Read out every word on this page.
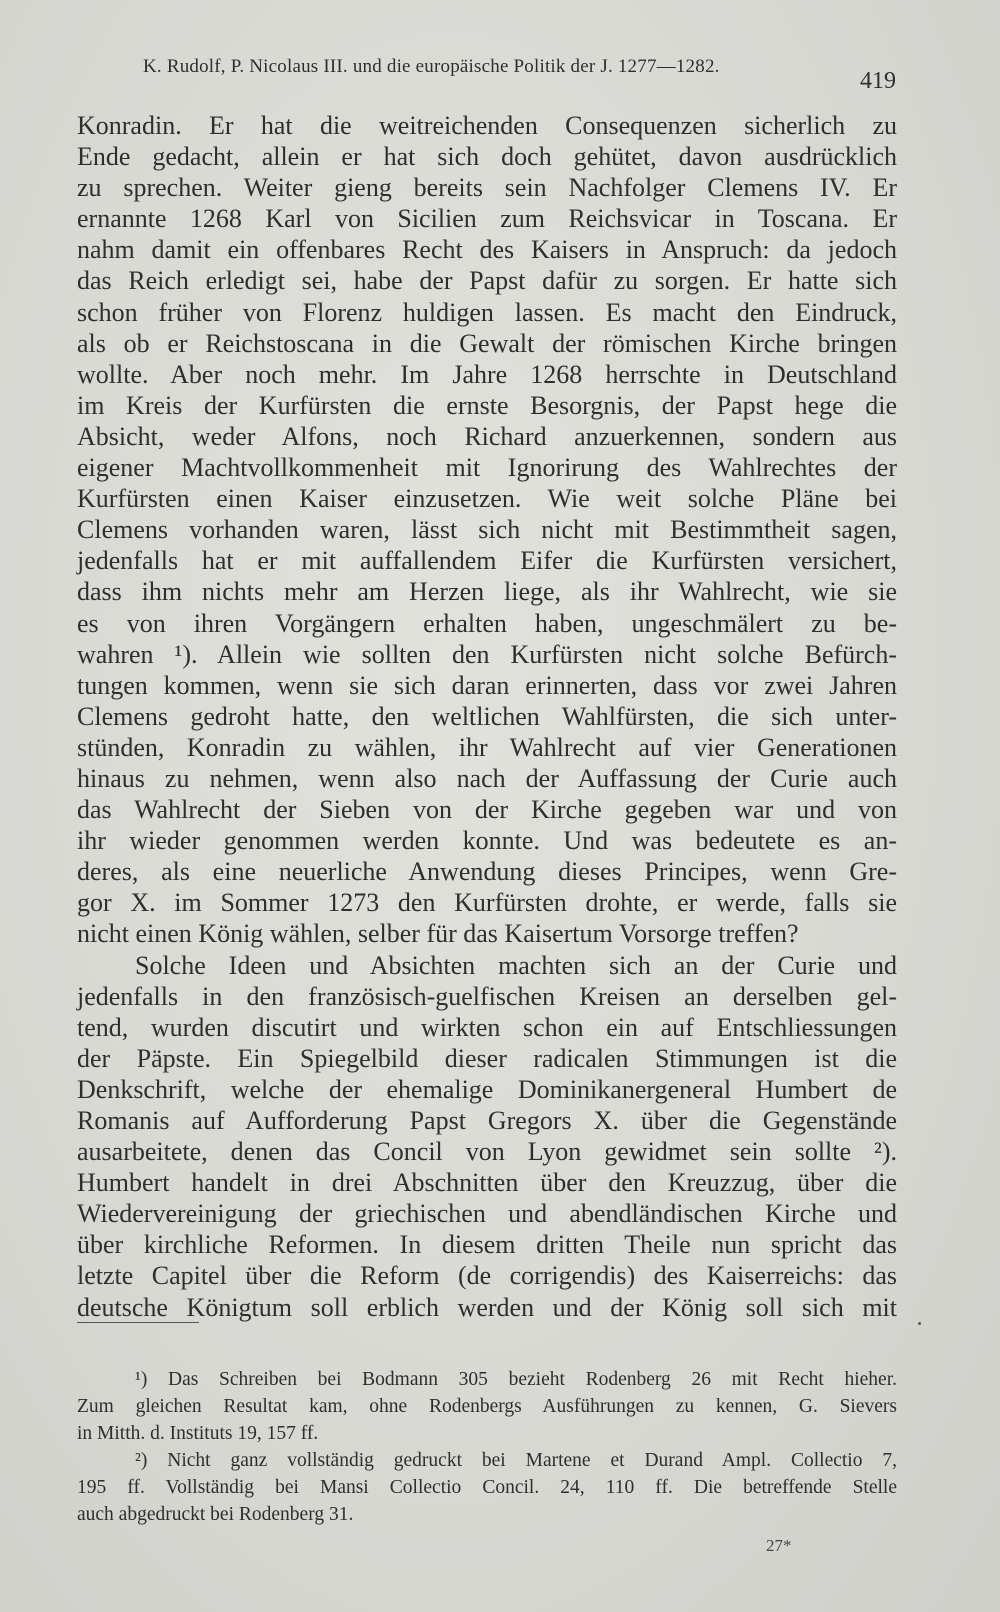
K. Rudolf, P. Nicolaus III. und die europäische Politik der J. 1277—1282.
419
Konradin. Er hat die weitreichenden Consequenzen sicherlich zu
Ende gedacht, allein er hat sich doch gehütet, davon ausdrücklich
zu sprechen. Weiter gieng bereits sein Nachfolger Clemens IV. Er
ernannte 1268 Karl von Sicilien zum Reichsvicar in Toscana. Er
nahm damit ein offenbares Recht des Kaisers in Anspruch: da jedoch
das Reich erledigt sei, habe der Papst dafür zu sorgen. Er hatte sich
schon früher von Florenz huldigen lassen. Es macht den Eindruck,
als ob er Reichstoscana in die Gewalt der römischen Kirche bringen
wollte. Aber noch mehr. Im Jahre 1268 herrschte in Deutschland
im Kreis der Kurfürsten die ernste Besorgnis, der Papst hege die
Absicht, weder Alfons, noch Richard anzuerkennen, sondern aus
eigener Machtvollkommenheit mit Ignorirung des Wahlrechtes der
Kurfürsten einen Kaiser einzusetzen. Wie weit solche Pläne bei
Clemens vorhanden waren, lässt sich nicht mit Bestimmtheit sagen,
jedenfalls hat er mit auffallendem Eifer die Kurfürsten versichert,
dass ihm nichts mehr am Herzen liege, als ihr Wahlrecht, wie sie
es von ihren Vorgängern erhalten haben, ungeschmälert zu be-
wahren ¹). Allein wie sollten den Kurfürsten nicht solche Befürch-
tungen kommen, wenn sie sich daran erinnerten, dass vor zwei Jahren
Clemens gedroht hatte, den weltlichen Wahlfürsten, die sich unter-
stünden, Konradin zu wählen, ihr Wahlrecht auf vier Generationen
hinaus zu nehmen, wenn also nach der Auffassung der Curie auch
das Wahlrecht der Sieben von der Kirche gegeben war und von
ihr wieder genommen werden konnte. Und was bedeutete es an-
deres, als eine neuerliche Anwendung dieses Principes, wenn Gre-
gor X. im Sommer 1273 den Kurfürsten drohte, er werde, falls sie
nicht einen König wählen, selber für das Kaisertum Vorsorge treffen?
Solche Ideen und Absichten machten sich an der Curie und
jedenfalls in den französisch-guelfischen Kreisen an derselben gel-
tend, wurden discutirt und wirkten schon ein auf Entschliessungen
der Päpste. Ein Spiegelbild dieser radicalen Stimmungen ist die
Denkschrift, welche der ehemalige Dominikanergeneral Humbert de
Romanis auf Aufforderung Papst Gregors X. über die Gegenstände
ausarbeitete, denen das Concil von Lyon gewidmet sein sollte ²).
Humbert handelt in drei Abschnitten über den Kreuzzug, über die
Wiedervereinigung der griechischen und abendländischen Kirche und
über kirchliche Reformen. In diesem dritten Theile nun spricht das
letzte Capitel über die Reform (de corrigendis) des Kaiserreichs: das
deutsche Königtum soll erblich werden und der König soll sich mit
¹) Das Schreiben bei Bodmann 305 bezieht Rodenberg 26 mit Recht hieher.
Zum gleichen Resultat kam, ohne Rodenbergs Ausführungen zu kennen, G. Sievers
in Mitth. d. Instituts 19, 157 ff.
²) Nicht ganz vollständig gedruckt bei Martene et Durand Ampl. Collectio 7,
195 ff. Vollständig bei Mansi Collectio Concil. 24, 110 ff. Die betreffende Stelle
auch abgedruckt bei Rodenberg 31.
27*
